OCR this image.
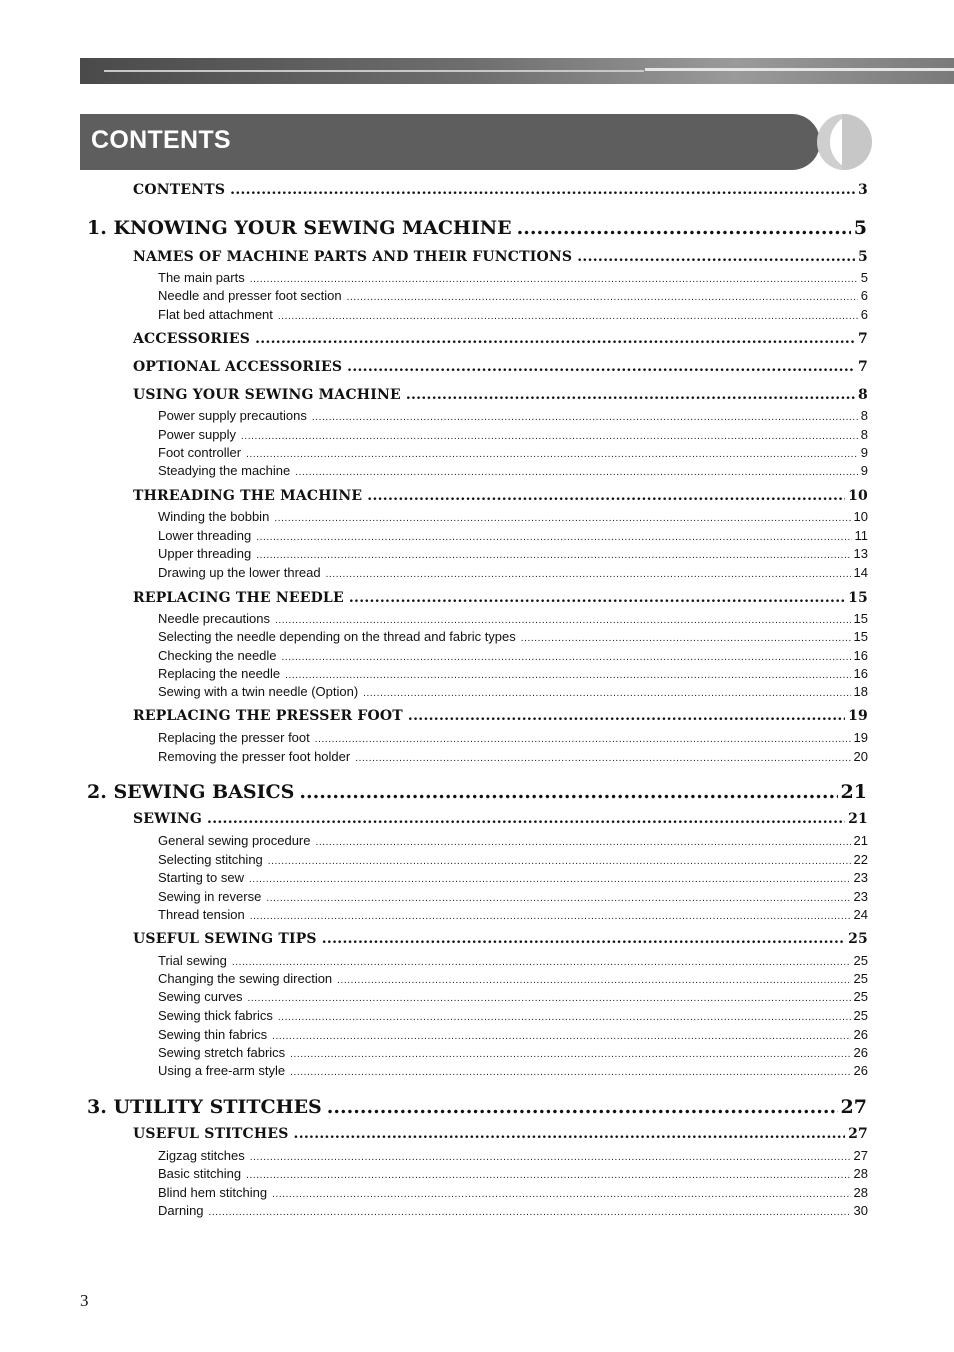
CONTENTS
CONTENTS .....	3
1. KNOWING YOUR SEWING MACHINE .....	5
NAMES OF MACHINE PARTS AND THEIR FUNCTIONS .....	5
The main parts .....	5
Needle and presser foot section .....	6
Flat bed attachment .....	6
ACCESSORIES .....	7
OPTIONAL ACCESSORIES .....	7
USING YOUR SEWING MACHINE .....	8
Power supply precautions .....	8
Power supply .....	8
Foot controller .....	9
Steadying the machine .....	9
THREADING THE MACHINE .....	10
Winding the bobbin .....	10
Lower threading .....	11
Upper threading .....	13
Drawing up the lower thread .....	14
REPLACING THE NEEDLE .....	15
Needle precautions .....	15
Selecting the needle depending on the thread and fabric types .....	15
Checking the needle .....	16
Replacing the needle .....	16
Sewing with a twin needle (Option) .....	18
REPLACING THE PRESSER FOOT .....	19
Replacing the presser foot .....	19
Removing the presser foot holder .....	20
2. SEWING BASICS .....	21
SEWING .....	21
General sewing procedure .....	21
Selecting stitching .....	22
Starting to sew .....	23
Sewing in reverse .....	23
Thread tension .....	24
USEFUL SEWING TIPS .....	25
Trial sewing .....	25
Changing the sewing direction .....	25
Sewing curves .....	25
Sewing thick fabrics .....	25
Sewing thin fabrics .....	26
Sewing stretch fabrics .....	26
Using a free-arm style .....	26
3. UTILITY STITCHES .....	27
USEFUL STITCHES .....	27
Zigzag stitches .....	27
Basic stitching .....	28
Blind hem stitching .....	28
Darning .....	30
3
